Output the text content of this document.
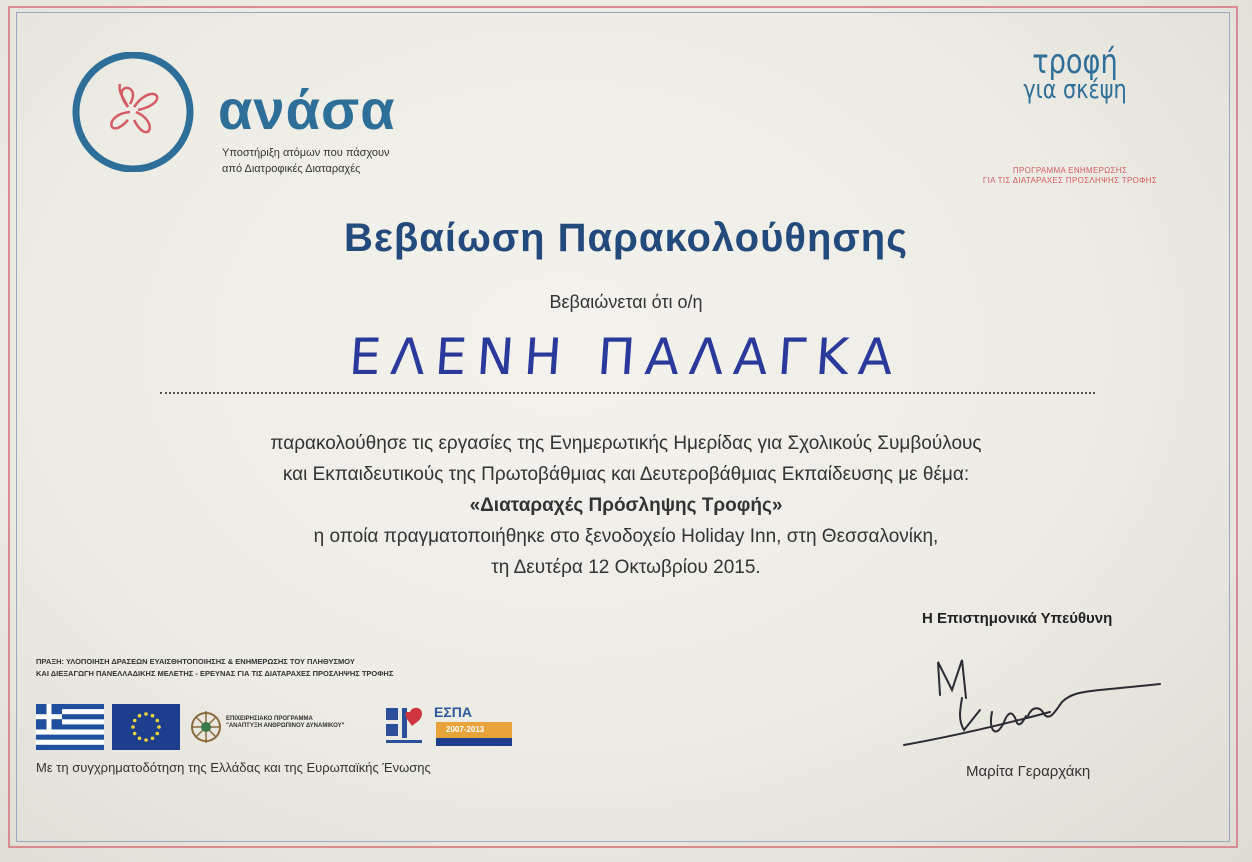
ανάσα
Υποστήριξη ατόμων που πάσχουν
από Διατροφικές Διαταραχές
τροφή
για σκέψη
ΠΡΟΓΡΑΜΜΑ ΕΝΗΜΕΡΩΣΗΣ
ΓΙΑ ΤΙΣ ΔΙΑΤΑΡΑΧΕΣ ΠΡΟΣΛΗΨΗΣ ΤΡΟΦΗΣ
Βεβαίωση Παρακολούθησης
Βεβαιώνεται ότι ο/η
ΕΛΕΝΗ ΠΑΛΑΓΚΑ
παρακολούθησε τις εργασίες της Ενημερωτικής Ημερίδας για Σχολικούς Συμβούλους
και Εκπαιδευτικούς της Πρωτοβάθμιας και Δευτεροβάθμιας Εκπαίδευσης με θέμα:
«Διαταραχές Πρόσληψης Τροφής»
η οποία πραγματοποιήθηκε στο ξενοδοχείο Holiday Inn, στη Θεσσαλονίκη,
τη Δευτέρα 12 Οκτωβρίου 2015.
Η Επιστημονικά Υπεύθυνη
Μαρίτα Γεραρχάκη
ΠΡΑΞΗ: ΥΛΟΠΟΙΗΣΗ ΔΡΑΣΕΩΝ ΕΥΑΙΣΘΗΤΟΠΟΙΗΣΗΣ & ΕΝΗΜΕΡΩΣΗΣ ΤΟΥ ΠΛΗΘΥΣΜΟΥ
ΚΑΙ ΔΙΕΞΑΓΩΓΗ ΠΑΝΕΛΛΑΔΙΚΗΣ ΜΕΛΕΤΗΣ - ΕΡΕΥΝΑΣ ΓΙΑ ΤΙΣ ΔΙΑΤΑΡΑΧΕΣ ΠΡΟΣΛΗΨΗΣ ΤΡΟΦΗΣ
ΕΠΙΧΕΙΡΗΣΙΑΚΟ ΠΡΟΓΡΑΜΜΑ
"ΑΝΑΠΤΥΞΗ ΑΝΘΡΩΠΙΝΟΥ ΔΥΝΑΜΙΚΟΥ"
ΕΣΠΑ
2007-2013
Με τη συγχρηματοδότηση της Ελλάδας και της Ευρωπαϊκής Ένωσης
